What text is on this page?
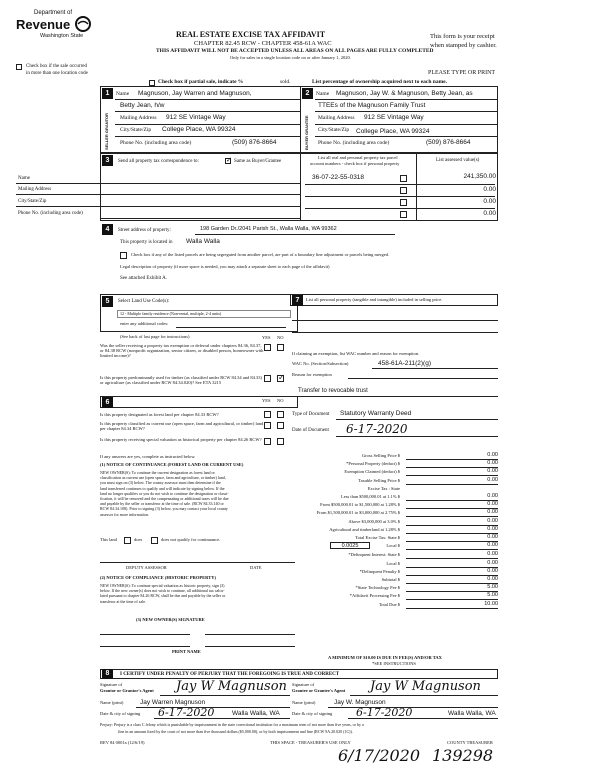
Department of
Revenue
Washington State	REAL ESTATE EXCISE TAX AFFIDAVIT
CHAPTER 82.45 RCW - CHAPTER 458-61A WAC
THIS AFFIDAVIT WILL NOT BE ACCEPTED UNLESS ALL AREAS ON ALL PAGES ARE FULLY COMPLETED
Only for sales in a single location code on or after January 1, 2020.
This form is your receipt
when stamped by cashier.
PLEASE TYPE OR PRINT
Check box if the sale occurred
in more than one location code
Check box if partial sale, indicate %	sold.	List percentage of ownership acquired next to each name.
1
SELLER GRANTOR
Name Magnuson, Jay Warren and Magnuson,
Betty Jean, h/w
Mailing Address 912 SE Vintage Way
City/State/Zip College Place, WA 99324
Phone No. (including area code)	(509) 876-8664
2
BUYER GRANTEE
Name Magnuson, Jay W. & Magnuson, Betty Jean, as
TTEEs of the Magnuson Family Trust
Mailing Address 912 SE Vintage Way
City/State/Zip College Place, WA 99324
Phone No. (including area code)	(509) 876-8664
3	Send all property tax correspondence to:
✓	Same as Buyer/Grantee
List all real and personal property tax parcel
account numbers - check box if personal property
List assessed value(s)
Name
Mailing Address
City/State/Zip
Phone No. (including area code)
36-07-22-55-0318	241,350.00
0.00
0.00
0.00
4	Street address of property:	198 Garden Dr./2041 Parish St., Walla Walla, WA 99362
This property is located in Walla Walla
Check box if any of the listed parcels are being segregated from another parcel, are part of a boundary line adjustment or parcels being merged.
Legal description of property (if more space is needed, you may attach a separate sheet to each page of the affidavit)
See attached Exhibit A.
5	Select Land Use Code(s):
12 - Multiple family residence (Non-rental, multiple, 2-4 units)
enter any additional codes:
(See back of last page for instructions)	YES NO
Was the seller receiving a property tax exemption or deferral under chapters 84.36, 84.37, or 84.38 RCW (nonprofit organization, senior citizen, or disabled person, homeowner with limited income)?
Is this property predominantly used for timber (as classified under RCW 84.34 and 84.33) or agriculture (as classified under RCW 84.34.020)? See ETA 3215
✓
6	YES NO
Is this property designated as forest land per chapter 84.33 RCW?
Is this property classified as current use (open space, farm and agricultural, or timber) land per chapter 84.34 RCW?
Is this property receiving special valuation as historical property per chapter 84.26 RCW?
If any answers are yes, complete as instructed below.
(1) NOTICE OF CONTINUANCE (FOREST LAND OR CURRENT USE)
NEW OWNER(S): To continue the current designation as forest land or
classification as current use (open space, farm and agriculture, or timber) land,
you must sign on (3) below. The county assessor must then determine if the
land transferred continues to qualify and will indicate by signing below. If the
land no longer qualifies or you do not wish to continue the designation or classi-
fication, it will be removed and the compensating or additional taxes will be due
and payable by the seller or transferor at the time of sale. (RCW 84.33.140 or
RCW 84.34.108). Prior to signing (3) below, you may contact your local county
assessor for more information.
This land	does	does not qualify for continuance.
DEPUTY ASSESSOR	DATE
(2) NOTICE OF COMPLIANCE (HISTORIC PROPERTY)
NEW OWNER(S): To continue special valuation as historic property, sign (3)
below. If the new owner(s) does not wish to continue, all additional tax calcu-
lated pursuant to chapter 84.26 RCW, shall be due and payable by the seller or
transferor at the time of sale.
(3) NEW OWNER(S) SIGNATURE
PRINT NAME
7	List all personal property (tangible and intangible) included in selling price.
If claiming an exemption, list WAC number and reason for exemption.
WAC No. (Section/Subsection)	458-61A-211(2)(g)
Reason for exemption
Transfer to revocable trust
Type of Document Statutory Warranty Deed
Date of Document 6-17-2020
Gross Selling Price $	0.00
*Personal Property (deduct) $	0.00
Exemption Claimed (deduct) $	0.00
Taxable Selling Price $	0.00
Excise Tax : State
Less than $500,000.01 at 1.1% $	0.00
From $500,000.01 to $1,500,000 at 1.28% $	0.00
From $1,500,000.01 to $3,000,000 at 2.75% $	0.00
Above $3,000,000 at 3.0% $	0.00
Agricultural and timberland at 1.28% $	0.00
Total Excise Tax: State $	0.00
0.0025	Local $	0.00
*Delinquent Interest: State $	0.00
Local $	0.00
*Delinquent Penalty $	0.00
Subtotal $	0.00
*State Technology Fee $	5.00
*Affidavit Processing Fee $	5.00
Total Due $	10.00
A MINIMUM OF $10.00 IS DUE IN FEE(S) AND/OR TAX
*SEE INSTRUCTIONS
8	I CERTIFY UNDER PENALTY OF PERJURY THAT THE FOREGOING IS TRUE AND CORRECT
Signature of
Grantor or Grantor's Agent Jay W Magnuson Signature of
Grantee or Grantee's Agent Jay W Magnuson
Name (print)	Jay Warren Magnuson	Name (print)	Jay W. Magnuson
Date & city of signing 6-17-2020	Walla Walla, WA	Date & city of signing 6-17-2020	Walla Walla, WA
Perjury: Perjury is a class C felony which is punishable by imprisonment in the state correctional institution for a maximum term of not more than five years, or by a
fine in an amount fixed by the court of not more than five thousand dollars ($5,000.00), or by both imprisonment and fine (RCW 9A.20.020 (1C)).
REV 84 0001a (12/6/19)	THIS SPACE - TREASURER'S USE ONLY	COUNTY TREASURER
6/17/2020 139298
